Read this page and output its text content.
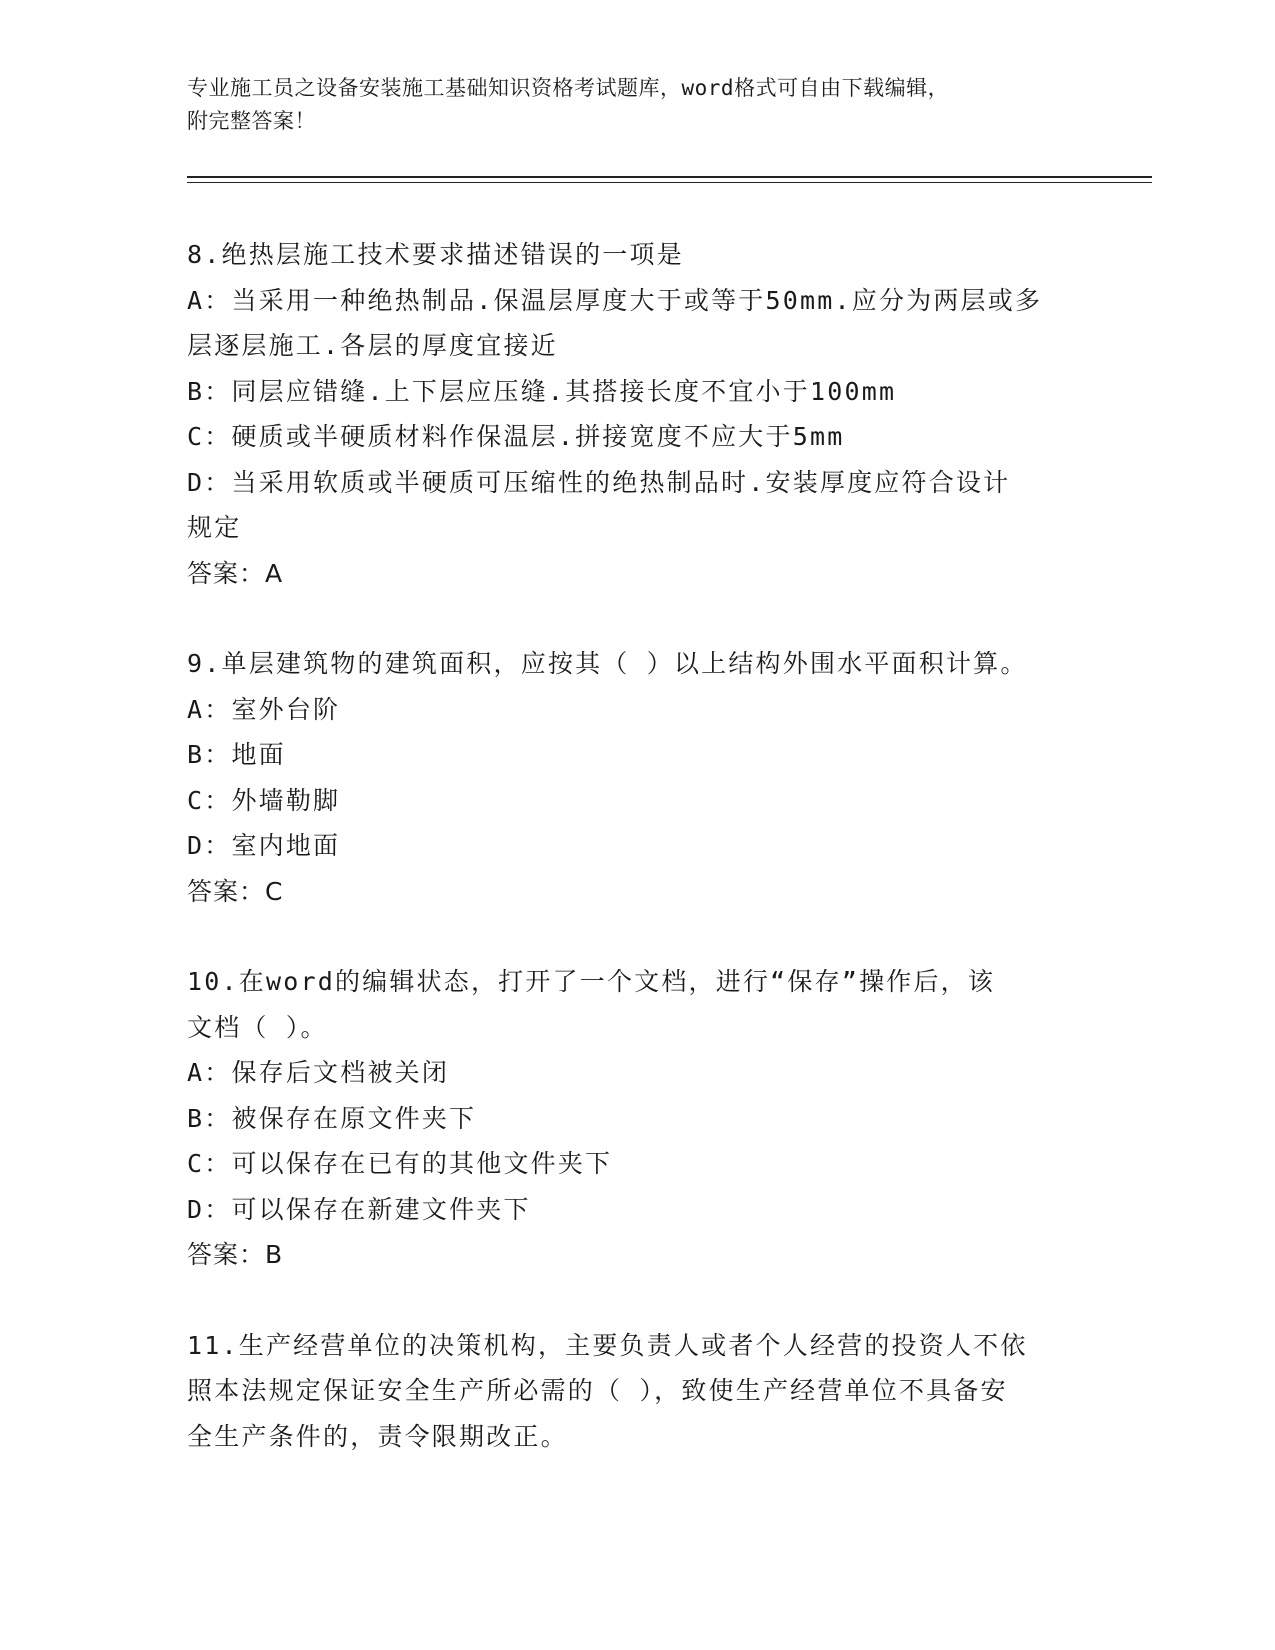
专业施工员之设备安装施工基础知识资格考试题库，word格式可自由下载编辑，
附完整答案！
8.绝热层施工技术要求描述错误的一项是
A：当采用一种绝热制品.保温层厚度大于或等于50mm.应分为两层或多
层逐层施工.各层的厚度宜接近
B：同层应错缝.上下层应压缝.其搭接长度不宜小于100mm
C：硬质或半硬质材料作保温层.拼接宽度不应大于5mm
D：当采用软质或半硬质可压缩性的绝热制品时.安装厚度应符合设计
规定
答案：A
9.单层建筑物的建筑面积，应按其（ ）以上结构外围水平面积计算。
A：室外台阶
B：地面
C：外墙勒脚
D：室内地面
答案：C
10.在word的编辑状态，打开了一个文档，进行“保存”操作后，该
文档（ ）。
A：保存后文档被关闭
B：被保存在原文件夹下
C：可以保存在已有的其他文件夹下
D：可以保存在新建文件夹下
答案：B
11.生产经营单位的决策机构，主要负责人或者个人经营的投资人不依
照本法规定保证安全生产所必需的（ ），致使生产经营单位不具备安
全生产条件的，责令限期改正。
